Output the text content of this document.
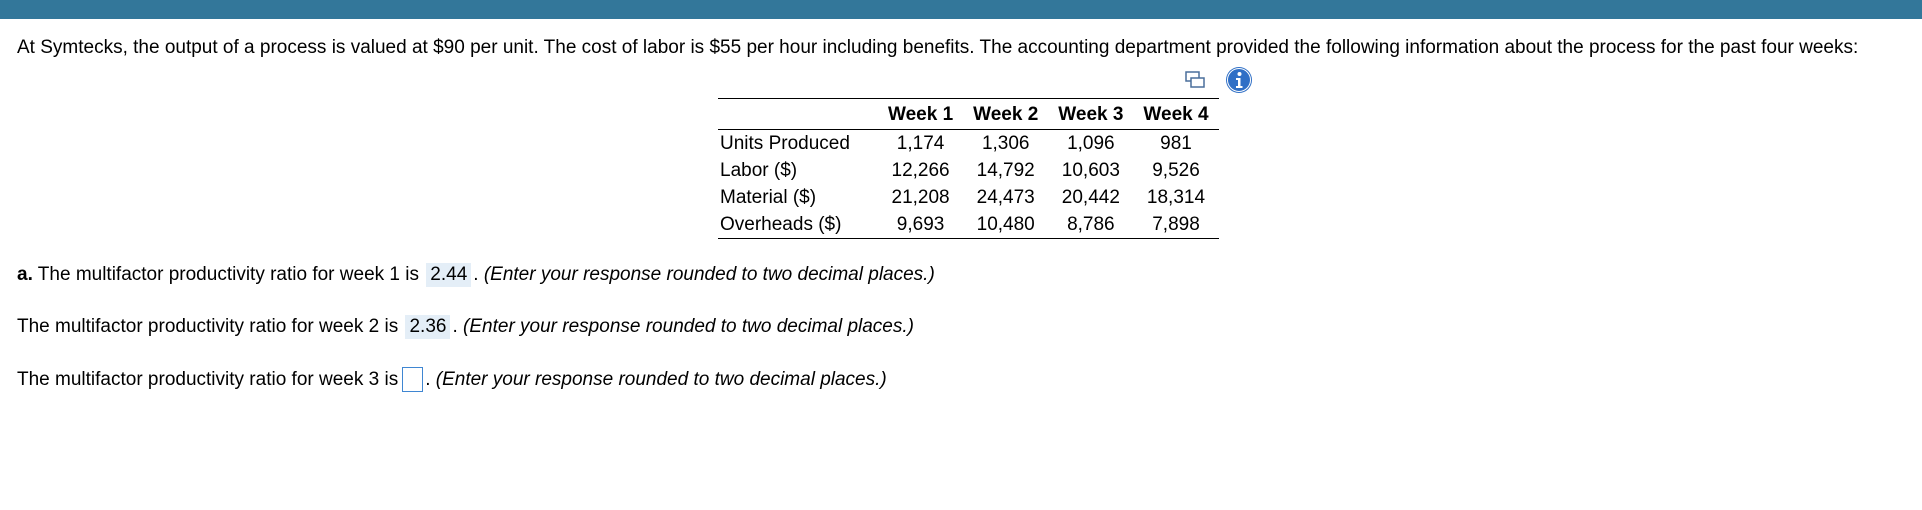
At Symtecks, the output of a process is valued at $90 per unit. The cost of labor is $55 per hour including benefits. The accounting department provided the following information about the process for the past four weeks:
	Week 1	Week 2	Week 3	Week 4
Units Produced	1,174	1,306	1,096	981
Labor ($)	12,266	14,792	10,603	9,526
Material ($)	21,208	24,473	20,442	18,314
Overheads ($)	9,693	10,480	8,786	7,898
a. The multifactor productivity ratio for week 1 is 2.44 . (Enter your response rounded to two decimal places.)
The multifactor productivity ratio for week 2 is 2.36 . (Enter your response rounded to two decimal places.)
The multifactor productivity ratio for week 3 is . (Enter your response rounded to two decimal places.)
